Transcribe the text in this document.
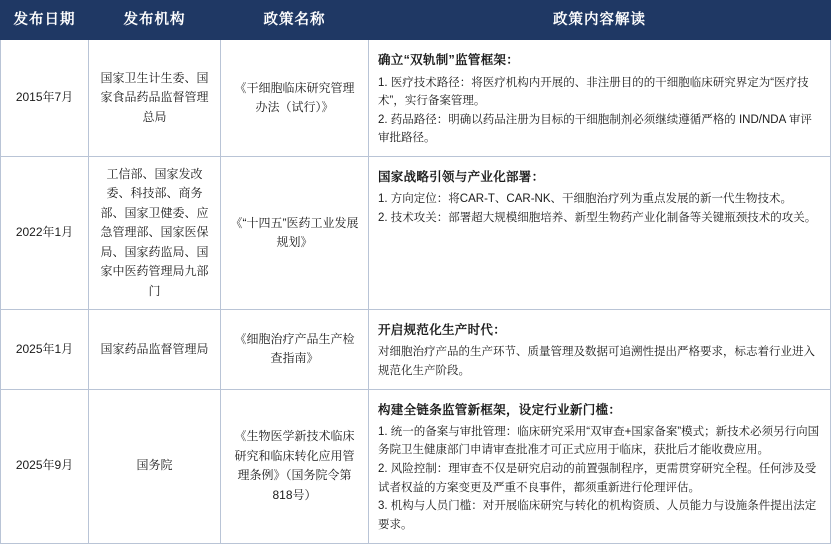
发布日期	发布机构	政策名称	政策内容解读
2015年7月	国家卫生计生委、国家食品药品监督管理总局	《干细胞临床研究管理办法（试行）》	确立“双轨制”监管框架：
1. 医疗技术路径：将医疗机构内开展的、非注册目的的干细胞临床研究界定为“医疗技术”，实行备案管理。
2. 药品路径：明确以药品注册为目标的干细胞制剂必须继续遵循严格的 IND/NDA 审评审批路径。

2022年1月	工信部、国家发改委、科技部、商务部、国家卫健委、应急管理部、国家医保局、国家药监局、国家中医药管理局九部门	《“十四五”医药工业发展规划》	国家战略引领与产业化部署：
1. 方向定位：将CAR-T、CAR-NK、干细胞治疗列为重点发展的新一代生物技术。
2. 技术攻关：部署超大规模细胞培养、新型生物药产业化制备等关键瓶颈技术的攻关。

2025年1月	国家药品监督管理局	《细胞治疗产品生产检查指南》	开启规范化生产时代：
对细胞治疗产品的生产环节、质量管理及数据可追溯性提出严格要求，标志着行业进入规范化生产阶段。

2025年9月	国务院	《生物医学新技术临床研究和临床转化应用管理条例》（国务院令第818号）	构建全链条监管新框架，设定行业新门槛：
1. 统一的备案与审批管理：临床研究采用“双审查+国家备案”模式；新技术必须另行向国务院卫生健康部门申请审查批准才可正式应用于临床，获批后才能收费应用。
2. 风险控制：理审查不仅是研究启动的前置强制程序，更需贯穿研究全程。任何涉及受试者权益的方案变更及严重不良事件，都须重新进行伦理评估。
3. 机构与人员门槛：对开展临床研究与转化的机构资质、人员能力与设施条件提出法定要求。
